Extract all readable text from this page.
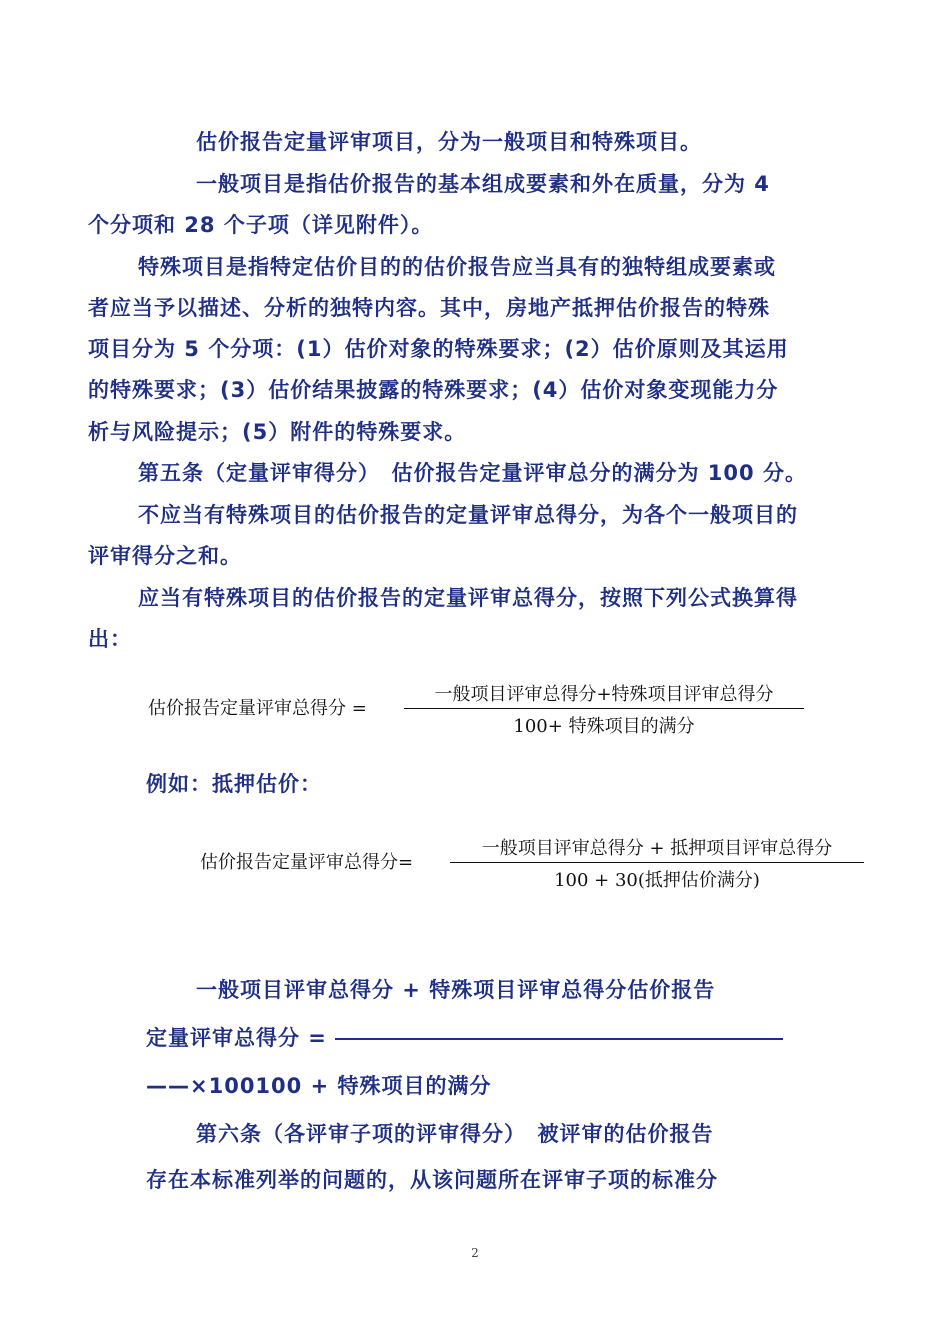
估价报告定量评审项目，分为一般项目和特殊项目。
一般项目是指估价报告的基本组成要素和外在质量，分为 4
个分项和 28 个子项（详见附件）。
特殊项目是指特定估价目的的估价报告应当具有的独特组成要素或
者应当予以描述、分析的独特内容。其中，房地产抵押估价报告的特殊
项目分为 5 个分项：(1）估价对象的特殊要求；(2）估价原则及其运用
的特殊要求；(3）估价结果披露的特殊要求；(4）估价对象变现能力分
析与风险提示；(5）附件的特殊要求。
第五条（定量评审得分）　估价报告定量评审总分的满分为 100 分。
不应当有特殊项目的估价报告的定量评审总得分，为各个一般项目的
评审得分之和。
应当有特殊项目的估价报告的定量评审总得分，按照下列公式换算得
出：
估价报告定量评审总得分 =
一般项目评审总得分+特殊项目评审总得分
100+ 特殊项目的满分
例如：抵押估价：
估价报告定量评审总得分=
一般项目评审总得分 + 抵押项目评审总得分
100 + 30(抵押估价满分)
一般项目评审总得分 + 特殊项目评审总得分估价报告
定量评审总得分 =
——×100100 + 特殊项目的满分
第六条（各评审子项的评审得分）　被评审的估价报告
存在本标准列举的问题的，从该问题所在评审子项的标准分
2
